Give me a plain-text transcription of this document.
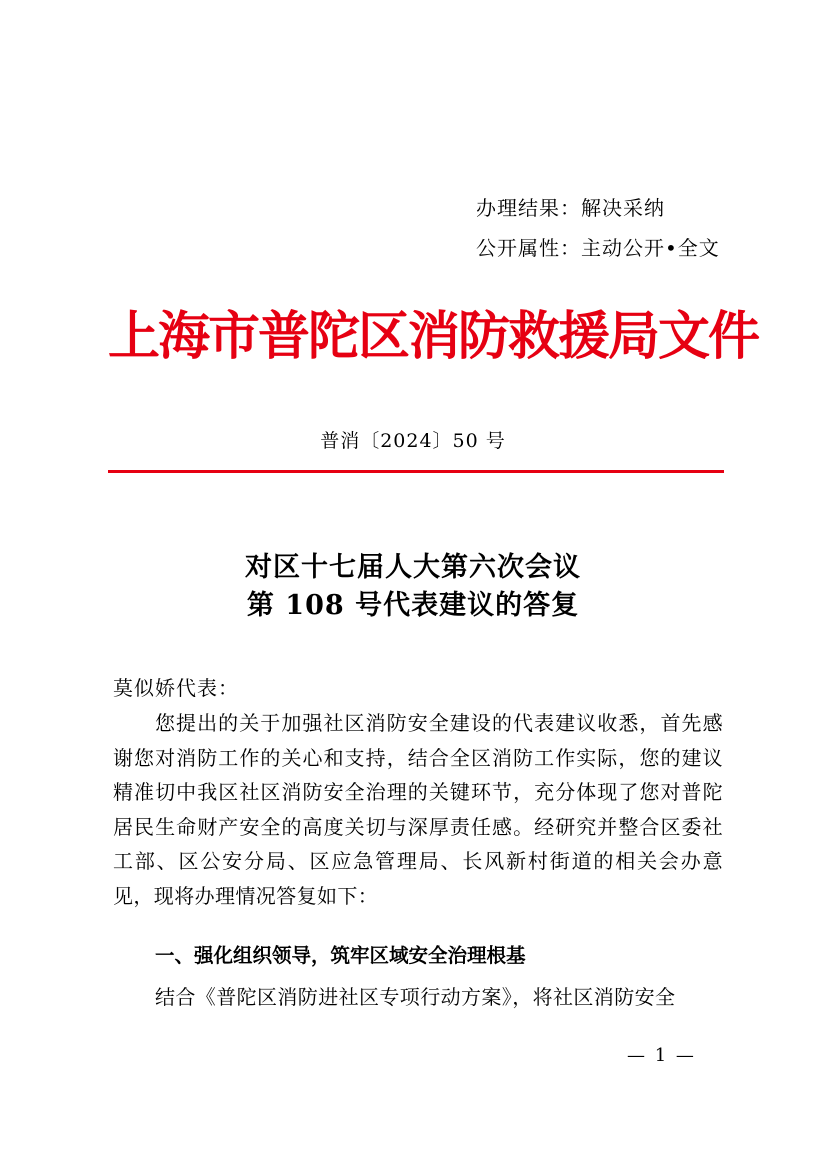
办理结果：解决采纳
公开属性：主动公开•全文
上海市普陀区消防救援局文件
普消〔2024〕50 号
对区十七届人大第六次会议
第 108 号代表建议的答复
莫似娇代表：
您提出的关于加强社区消防安全建设的代表建议收悉，首先感谢您对消防工作的关心和支持，结合全区消防工作实际，您的建议精准切中我区社区消防安全治理的关键环节，充分体现了您对普陀居民生命财产安全的高度关切与深厚责任感。经研究并整合区委社工部、区公安分局、区应急管理局、长风新村街道的相关会办意见，现将办理情况答复如下：
一、强化组织领导，筑牢区域安全治理根基
结合《普陀区消防进社区专项行动方案》，将社区消防安全
— 1 —
